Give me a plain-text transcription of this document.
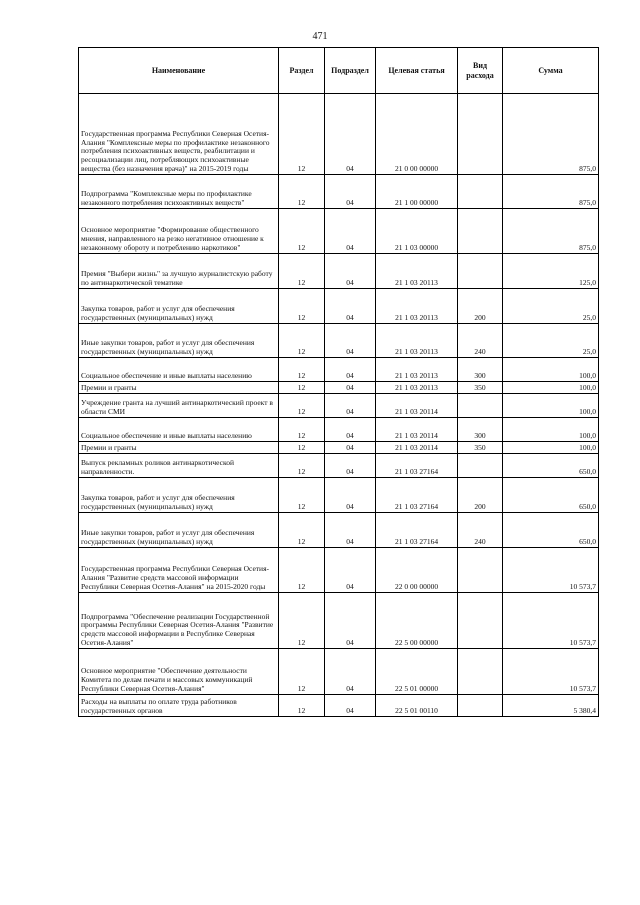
471
Наименование	Раздел	Подраздел	Целевая статья	Вид расхода	Сумма
Государственная программа Республики Северная Осетия-Алания "Комплексные меры по профилактике незаконного потребления психоактивных веществ, реабилитации и ресоциализации лиц, потребляющих психоактивные вещества (без назначения врача)" на 2015-2019 годы	12	04	21 0 00 00000		875,0
Подпрограмма "Комплексные меры по профилактике незаконного потребления психоактивных веществ"	12	04	21 1 00 00000		875,0
Основное мероприятие "Формирование общественного мнения, направленного на резко негативное отношение к незаконному обороту и потреблению наркотиков"	12	04	21 1 03 00000		875,0
Премия "Выбери жизнь" за лучшую журналистскую работу по антинаркотической тематике	12	04	21 1 03 20113		125,0
Закупка товаров, работ и услуг для обеспечения государственных (муниципальных) нужд	12	04	21 1 03 20113	200	25,0
Иные закупки товаров, работ и услуг для обеспечения государственных (муниципальных) нужд	12	04	21 1 03 20113	240	25,0
Социальное обеспечение и иные выплаты населению	12	04	21 1 03 20113	300	100,0
Премии и гранты	12	04	21 1 03 20113	350	100,0
Учреждение гранта на лучший антинаркотический проект в области СМИ	12	04	21 1 03 20114		100,0
Социальное обеспечение и иные выплаты населению	12	04	21 1 03 20114	300	100,0
Премии и гранты	12	04	21 1 03 20114	350	100,0
Выпуск рекламных роликов антинаркотической направленности.	12	04	21 1 03 27164		650,0
Закупка товаров, работ и услуг для обеспечения государственных (муниципальных) нужд	12	04	21 1 03 27164	200	650,0
Иные закупки товаров, работ и услуг для обеспечения государственных (муниципальных) нужд	12	04	21 1 03 27164	240	650,0
Государственная программа Республики Северная Осетия-Алания "Развитие средств массовой информации Республики Северная Осетия-Алания" на 2015-2020 годы	12	04	22 0 00 00000		10 573,7
Подпрограмма "Обеспечение реализации Государственной программы Республики Северная Осетия-Алания "Развитие средств массовой информации в Республике Северная Осетия-Алания"	12	04	22 5 00 00000		10 573,7
Основное мероприятие "Обеспечение деятельности Комитета по делам печати и массовых коммуникаций Республики Северная Осетия-Алания"	12	04	22 5 01 00000		10 573,7
Расходы на выплаты по оплате труда работников государственных органов	12	04	22 5 01 00110		5 380,4
